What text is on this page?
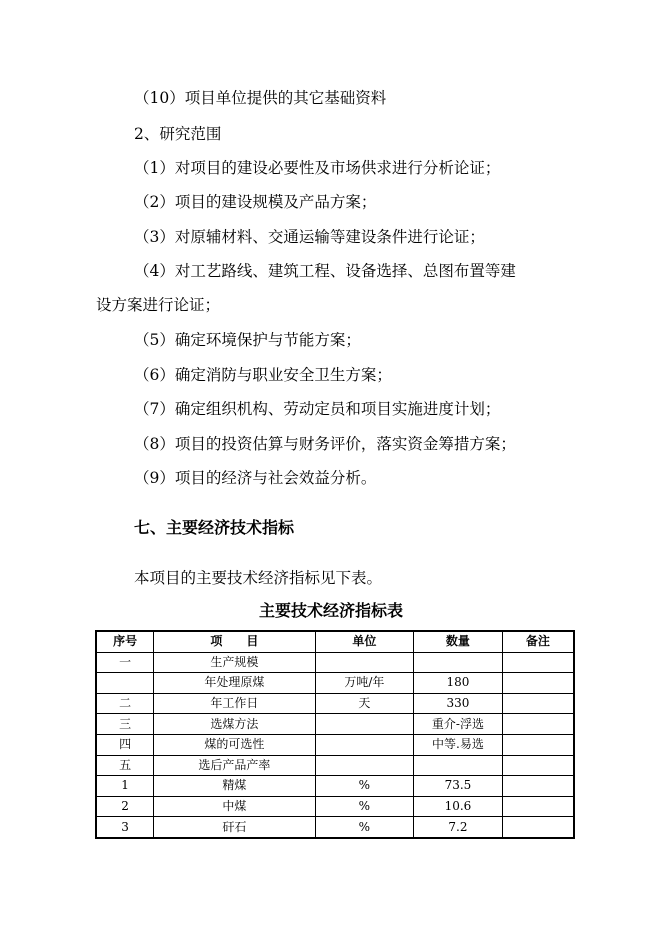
（10）项目单位提供的其它基础资料
2、研究范围
（1）对项目的建设必要性及市场供求进行分析论证；
（2）项目的建设规模及产品方案；
（3）对原辅材料、交通运输等建设条件进行论证；
（4）对工艺路线、建筑工程、设备选择、总图布置等建
设方案进行论证；
（5）确定环境保护与节能方案；
（6）确定消防与职业安全卫生方案；
（7）确定组织机构、劳动定员和项目实施进度计划；
（8）项目的投资估算与财务评价，落实资金筹措方案；
（9）项目的经济与社会效益分析。
七、主要经济技术指标
本项目的主要技术经济指标见下表。
主要技术经济指标表
序号	项　　目	单位	数量	备注
一	生产规模			
	年处理原煤	万吨/年	180	
二	年工作日	天	330	
三	选煤方法		重介-浮选	
四	煤的可选性		中等.易选	
五	选后产品产率			
1	精煤	%	73.5	
2	中煤	%	10.6	
3	矸石	%	7.2	
